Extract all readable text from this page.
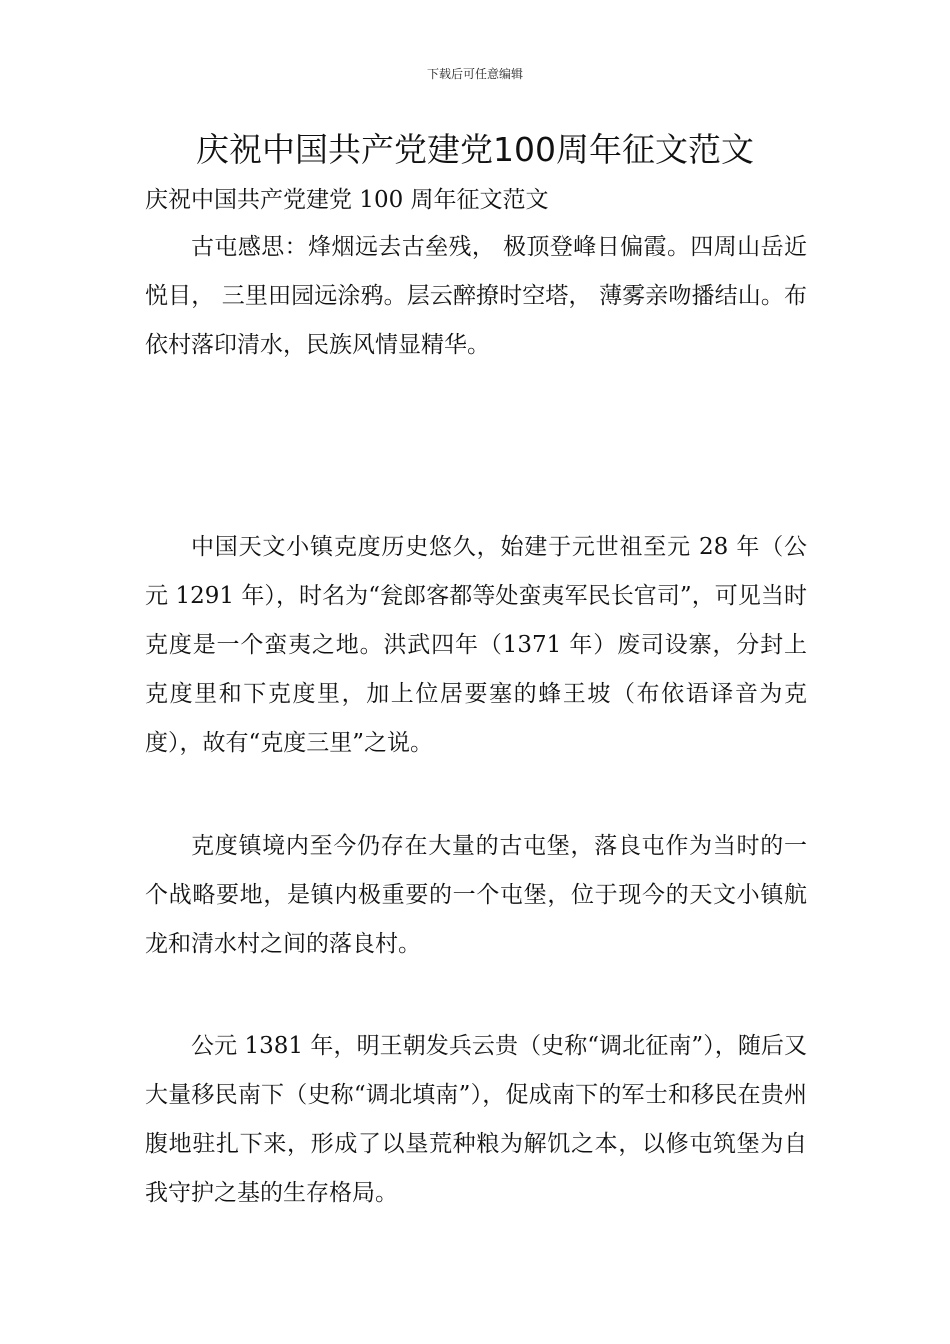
下载后可任意编辑
庆祝中国共产党建党100周年征文范文

庆祝中国共产党建党 100 周年征文范文

古屯感思：烽烟远去古垒残， 极顶登峰日偏霞。四周山岳近悦目， 三里田园远涂鸦。层云醉撩时空塔， 薄雾亲吻播结山。布依村落印清水，民族风情显精华。

中国天文小镇克度历史悠久，始建于元世祖至元 28 年（公元 1291 年），时名为“瓮郎客都等处蛮夷军民长官司”，可见当时克度是一个蛮夷之地。洪武四年（1371 年）废司设寨，分封上克度里和下克度里，加上位居要塞的蜂王坡（布依语译音为克度），故有“克度三里”之说。

克度镇境内至今仍存在大量的古屯堡，落良屯作为当时的一个战略要地，是镇内极重要的一个屯堡，位于现今的天文小镇航龙和清水村之间的落良村。

公元 1381 年，明王朝发兵云贵（史称“调北征南”），随后又大量移民南下（史称“调北填南”），促成南下的军士和移民在贵州腹地驻扎下来，形成了以垦荒种粮为解饥之本，以修屯筑堡为自我守护之基的生存格局。
